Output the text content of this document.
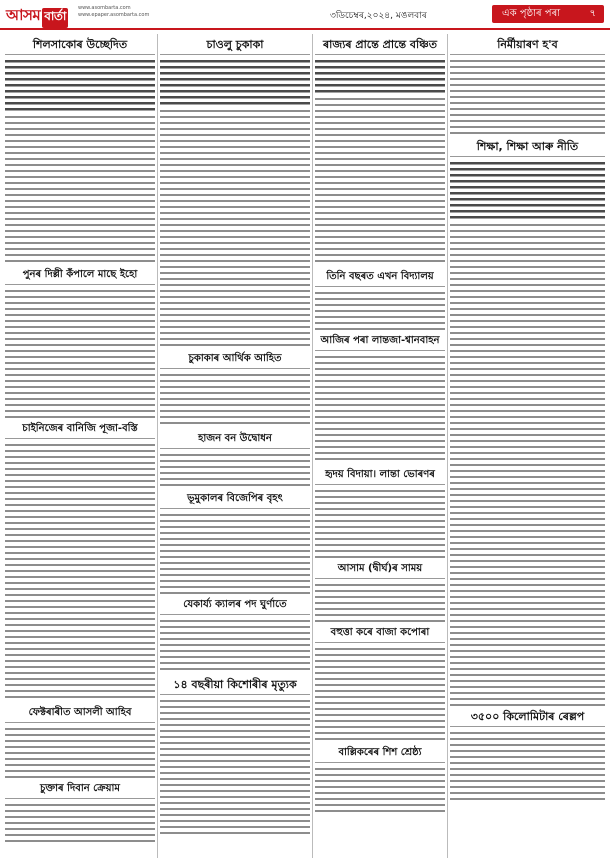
আসম বার্তা
www.asombarta.com
www.epaper.asombarta.com	৩ডিচেম্বৰ,২০২৪, মঙলবাৰ	এক পৃষ্ঠাৰ পৰা	৭
শিলসাকোৰ উচ্ছেদিত
পুনৰ দিল্লী কঁপালে মাছে ইহো
চাইনিজেৰ বানিজি পূজা-বস্তি
ফেক্টৰাৰীত আসলী আহিব
চুক্তাৰ দিবান ক্ৰেয়াম
চাওলু চুকাকা
চুকাকাৰ আৰ্থিক আহিত
হাজন বন উদ্বোধন
ভূমুকালৰ বিজেপিৰ বৃহৎ
যেকাৰ্য্য ক্যালৰ পদ ঘুৰ্ণাতে
১৪ বছৰীয়া কিশোৰীৰ মৃত্যুক
ৰাজ্যৰ প্ৰান্তে প্ৰান্তে বঞ্চিত
তিনি বছৰত এখন বিদ্যালয়
আজিৰ পৰা লান্তজা-শ্বানবাহন
হৃদয় বিদায়া। লান্তা ভোৰণৰ
আসাম (দ্বীৰ্ঘ)ৰ সাময়
বহুত্তা কৰে বাজা কপোৰা
বাল্লিকৰেৰ শিশ শ্ৰেষ্ঠ্য
নিৰ্মীয়াৰণ হ'ব
শিক্ষা, শিক্ষা আৰু নীতি
৩৫০০ কিলোমিটাৰ ৰেল্লপ
